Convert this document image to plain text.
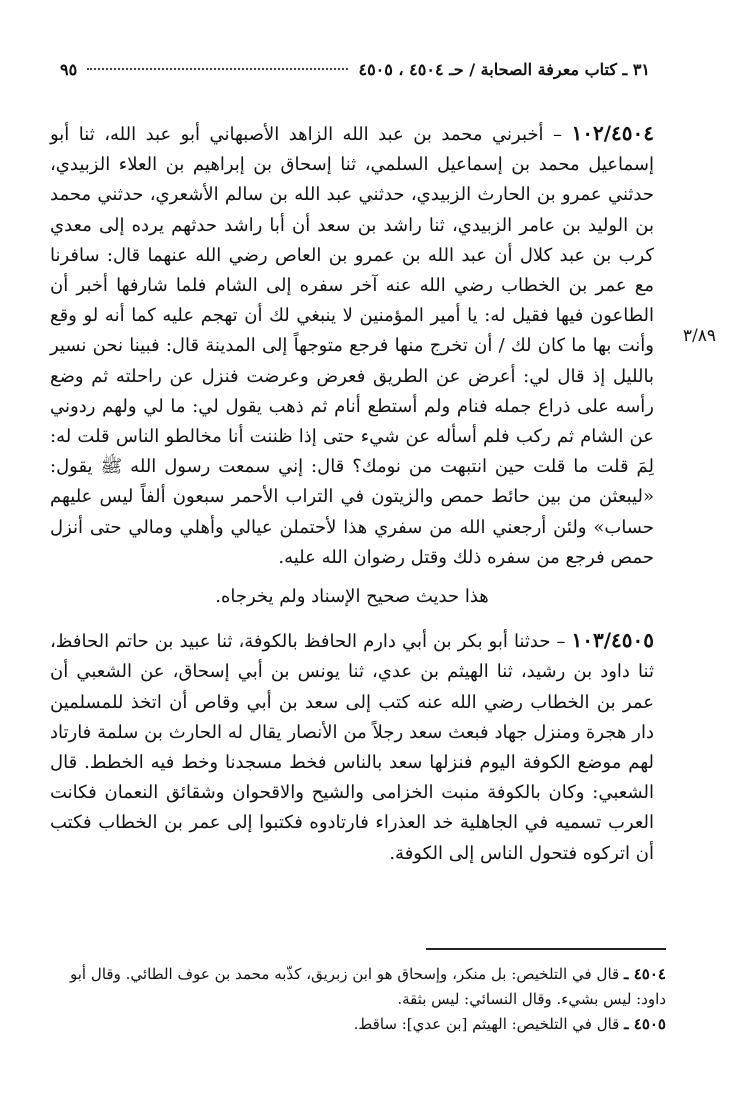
٣١ ـ كتاب معرفة الصحابة / حـ ٤٥٠٤ ، ٤٥٠٥
٩٥
٣/٨٩

١٠٢/٤٥٠٤ – أخبرني محمد بن عبد الله الزاهد الأصبهاني أبو عبد الله، ثنا أبو إسماعيل محمد بن إسماعيل السلمي، ثنا إسحاق بن إبراهيم بن العلاء الزبيدي، حدثني عمرو بن الحارث الزبيدي، حدثني عبد الله بن سالم الأشعري، حدثني محمد بن الوليد بن عامر الزبيدي، ثنا راشد بن سعد أن أبا راشد حدثهم يرده إلى معدي كرب بن عبد كلال أن عبد الله بن عمرو بن العاص رضي الله عنهما قال: سافرنا مع عمر بن الخطاب رضي الله عنه آخر سفره إلى الشام فلما شارفها أخبر أن الطاعون فيها فقيل له: يا أمير المؤمنين لا ينبغي لك أن تهجم عليه كما أنه لو وقع وأنت بها ما كان لك / أن تخرج منها فرجع متوجهاً إلى المدينة قال: فبينا نحن نسير بالليل إذ قال لي: أعرض عن الطريق فعرض وعرضت فنزل عن راحلته ثم وضع رأسه على ذراع جمله فنام ولم أستطع أنام ثم ذهب يقول لي: ما لي ولهم ردوني عن الشام ثم ركب فلم أسأله عن شيء حتى إذا ظننت أنا مخالطو الناس قلت له: لِمَ قلت ما قلت حين انتبهت من نومك؟ قال: إني سمعت رسول الله ﷺ يقول: «ليبعثن من بين حائط حمص والزيتون في التراب الأحمر سبعون ألفاً ليس عليهم حساب» ولئن أرجعني الله من سفري هذا لأحتملن عيالي وأهلي ومالي حتى أنزل حمص فرجع من سفره ذلك وقتل رضوان الله عليه.

هذا حديث صحيح الإسناد ولم يخرجاه.

١٠٣/٤٥٠٥ – حدثنا أبو بكر بن أبي دارم الحافظ بالكوفة، ثنا عبيد بن حاتم الحافظ، ثنا داود بن رشيد، ثنا الهيثم بن عدي، ثنا يونس بن أبي إسحاق، عن الشعبي أن عمر بن الخطاب رضي الله عنه كتب إلى سعد بن أبي وقاص أن اتخذ للمسلمين دار هجرة ومنزل جهاد فبعث سعد رجلاً من الأنصار يقال له الحارث بن سلمة فارتاد لهم موضع الكوفة اليوم فنزلها سعد بالناس فخط مسجدنا وخط فيه الخطط. قال الشعبي: وكان بالكوفة منبت الخزامى والشيح والاقحوان وشقائق النعمان فكانت العرب تسميه في الجاهلية خد العذراء فارتادوه فكتبوا إلى عمر بن الخطاب فكتب أن اتركوه فتحول الناس إلى الكوفة.

٤٥٠٤ ـ قال في التلخيص: بل منكر، وإسحاق هو ابن زبريق، كذّبه محمد بن عوف الطائي. وقال أبو داود: ليس بشيء. وقال النسائي: ليس بثقة.

٤٥٠٥ ـ قال في التلخيص: الهيثم [بن عدي]: ساقط.
